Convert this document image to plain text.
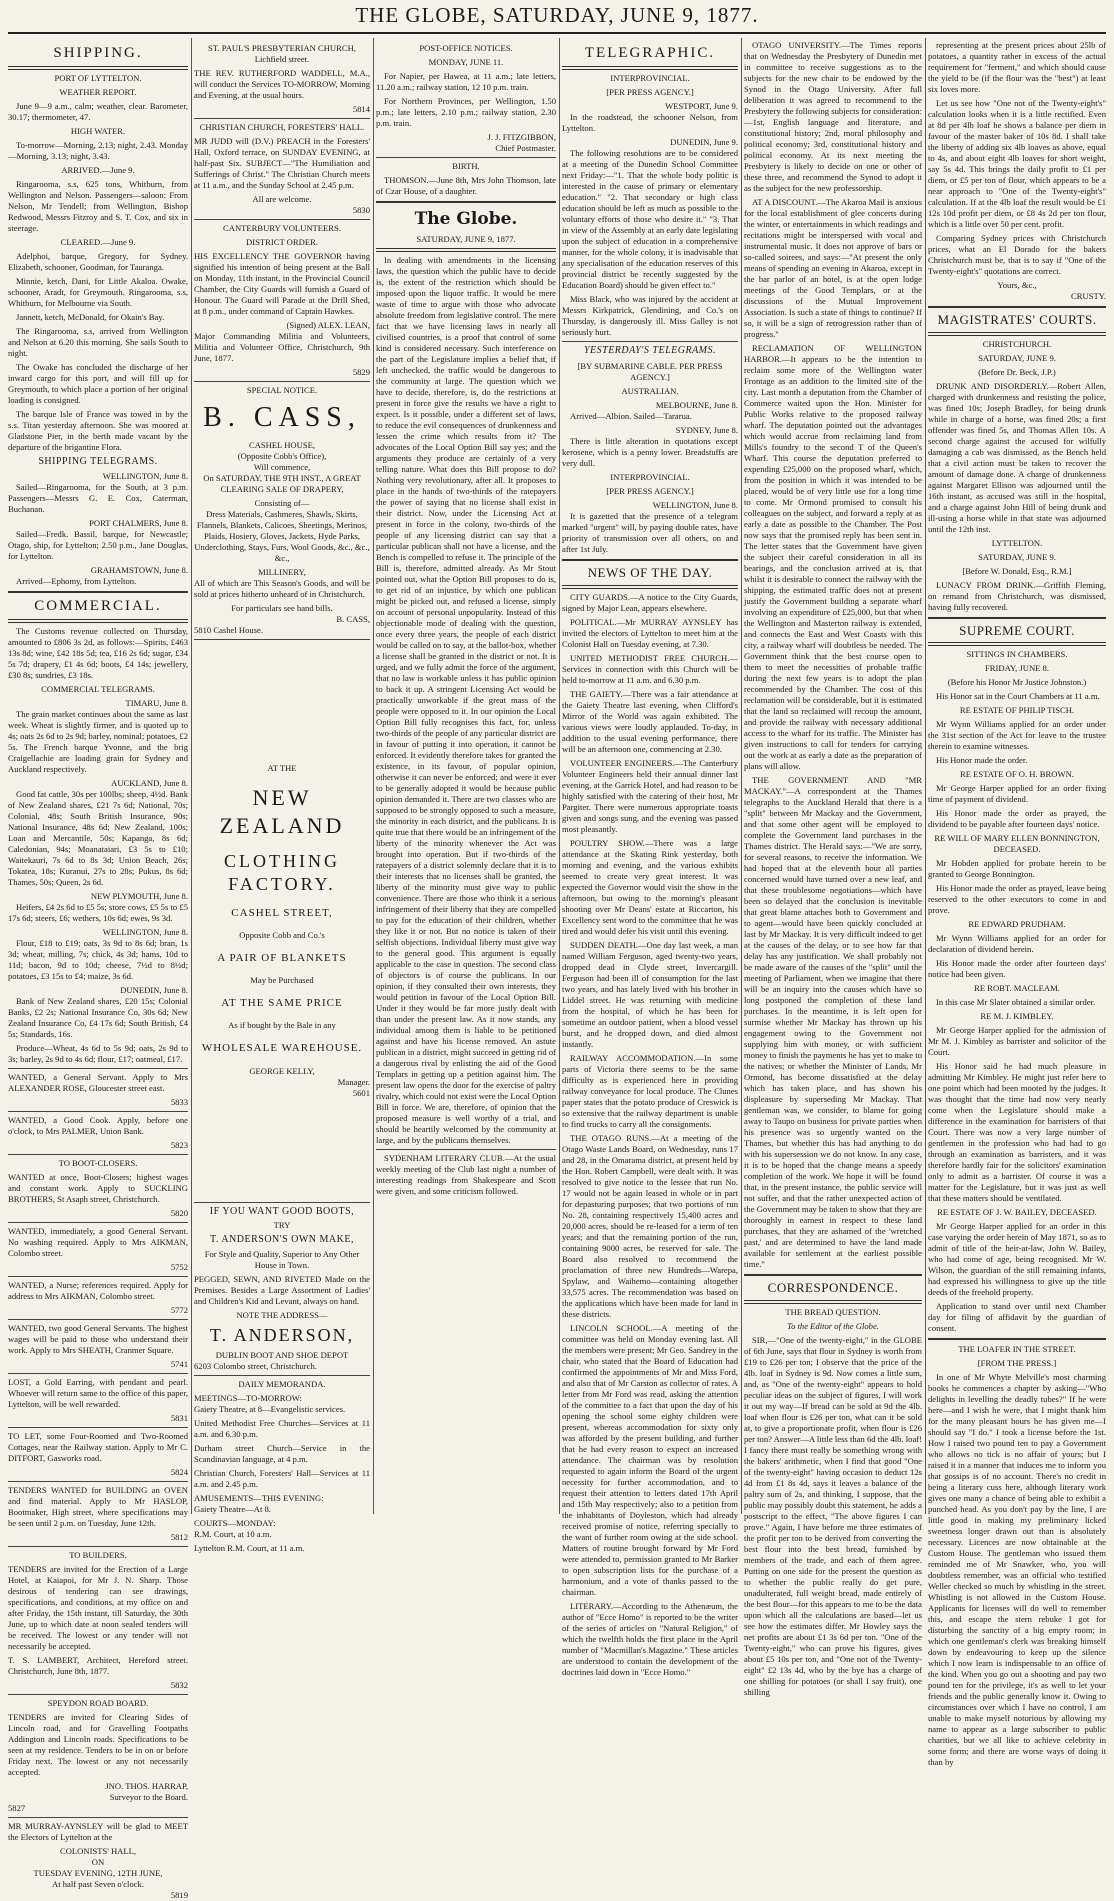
THE GLOBE, SATURDAY, JUNE 9, 1877.
SHIPPING.
PORT OF LYTTELTON.
WEATHER REPORT.

June 9—9 a.m., calm; weather, clear. Barometer, 30.17; thermometer, 47.

HIGH WATER.

To-morrow—Morning, 2.13; night, 2.43. Monday—Morning, 3.13; night, 3.43.

ARRIVED.—June 9.

Ringarooma, s.s, 625 tons, Whitburn, from Wellington and Nelson. Passengers—saloon: From Nelson, Mr Tendell; from Wellington, Bishop Redwood, Messrs Fitzroy and S. T. Cox, and six in steerage.

CLEARED.—June 9.

Adelphoi, barque, Gregory, for Sydney. Elizabeth, schooner, Goodman, for Tauranga.

Minnie, ketch, Dani, for Little Akaloa. Owake, schooner, Aradt, for Greymouth. Ringarooma, s.s, Whitburn, for Melbourne via South.

Jannett, ketch, McDonald, for Okain's Bay.

The Ringarooma, s.s, arrived from Wellington and Nelson at 6.20 this morning. She sails South to night.

The Owake has concluded the discharge of her inward cargo for this port, and will fill up for Greymouth, to which place a portion of her original loading is consigned.

The barque Isle of France was towed in by the s.s. Titan yesterday afternoon. She was moored at Gladstone Pier, in the berth made vacant by the departure of the brigantine Flora.

SHIPPING TELEGRAMS.
WELLINGTON, June 8.

Sailed—Ringarooma, for the South, at 3 p.m. Passengers—Messrs G. E. Cox, Caterman, Buchanan.

PORT CHALMERS, June 8.

Sailed—Fredk. Bassil, barque, for Newcastle; Otago, ship, for Lyttelton; 2.50 p.m., Jane Douglas, for Lyttelton.

GRAHAMSTOWN, June 8.

Arrived—Ephomy, from Lyttelton.

COMMERCIAL.

The Customs revenue collected on Thursday, amounted to £806 3s 2d, as follows:—Spirits, £463 13s 8d; wine, £42 18s 5d; tea, £16 2s 6d; sugar, £34 5s 7d; drapery, £1 4s 6d; boots, £4 14s; jewellery, £30 8s; sundries, £3 18s.

COMMERCIAL TELEGRAMS.
TIMARU, June 8.

The grain market continues about the same as last week. Wheat is slightly firmer, and is quoted up to 4s; oats 2s 6d to 2s 9d; barley, nominal; potatoes, £2 5s. The French barque Yvonne, and the brig Craigellachie are loading grain for Sydney and Auckland respectively.

AUCKLAND, June 8.

Good fat cattle, 30s per 100lbs; sheep, 4½d. Bank of New Zealand shares, £21 7s 6d; National, 70s; Colonial, 48s; South British Insurance, 90s; National Insurance, 48s 6d; New Zealand, 100s; Loan and Mercantile, 50s; Kapanga, 8s 6d; Caledonian, 94s; Moanataiari, £3 5s to £10; Waitekauri, 7s 6d to 8s 3d; Union Beach, 26s; Tokatea, 18s; Kuranui, 27s to 28s; Pukus, 8s 6d; Thames, 50s; Queen, 2s 6d.

NEW PLYMOUTH, June 8.

Heifers, £4 2s 6d to £5 5s; store cows, £5 5s to £5 17s 6d; steers, £6; wethers, 10s 6d; ewes, 9s 3d.

WELLINGTON, June 8.

Flour, £18 to £19; oats, 3s 9d to 8s 6d; bran, 1s 3d; wheat, milling, 7s; chick, 4s 3d; hams, 10d to 11d; bacon, 9d to 10d; cheese, 7½d to 8½d; potatoes, £3 15s to £4; maize, 3s 6d.

DUNEDIN, June 8.

Bank of New Zealand shares, £20 15s; Colonial Banks, £2 2s; National Insurance Co, 30s 6d; New Zealand Insurance Co, £4 17s 6d; South British, £4 5s; Standards, 16s.

Produce—Wheat, 4s 6d to 5s 9d; oats, 2s 9d to 3s; barley, 2s 9d to 4s 6d; flour, £17; oatmeal, £17.

WANTED, a General Servant. Apply to Mrs ALEXANDER ROSE, Gloucester street east.

5833

WANTED, a Good Cook. Apply, before one o'clock, to Mrs PALMER, Union Bank.

5823
TO BOOT-CLOSERS.

WANTED at once, Boot-Closers; highest wages and constant work. Apply to SUCKLING BROTHERS, St Asaph street, Christchurch.

5820

WANTED, immediately, a good General Servant. No washing required. Apply to Mrs AIKMAN, Colombo street.

5752

WANTED, a Nurse; references required. Apply for address to Mrs AIKMAN, Colombo street.

5772

WANTED, two good General Servants. The highest wages will be paid to those who understand their work. Apply to Mrs SHEATH, Cranmer Square.

5741

LOST, a Gold Earring, with pendant and pearl. Whoever will return same to the office of this paper, Lyttelton, will be well rewarded.

5831

TO LET, some Four-Roomed and Two-Roomed Cottages, near the Railway station. Apply to Mr C. DITFORT, Gasworks road.

5824

TENDERS WANTED for BUILDING an OVEN and find material. Apply to Mr HASLOP, Bootmaker, High street, where specifications may be seen until 2 p.m. on Tuesday, June 12th.

5812
TO BUILDERS.

TENDERS are invited for the Erection of a Large Hotel, at Kaiapoi, for Mr J. N. Sharp. Those desirous of tendering can see drawings, specifications, and conditions, at my office on and after Friday, the 15th instant, till Saturday, the 30th June, up to which date at noon sealed tenders will be received. The lowest or any tender will not necessarily be accepted.

T. S. LAMBERT, Architect, Hereford street. Christchurch, June 8th, 1877.

5832
SPEYDON ROAD BOARD.

TENDERS are invited for Clearing Sides of Lincoln road, and for Gravelling Footpaths Addington and Lincoln roads. Specifications to be seen at my residence. Tenders to be in on or before Friday next. The lowest or any not necessarily accepted.

JNO. THOS. HARRAP,
Surveyor to the Board.
5827

MR MURRAY-AYNSLEY will be glad to MEET the Electors of Lyttelton at the

COLONISTS' HALL,
ON
TUESDAY EVENING, 12TH JUNE,
At half past Seven o'clock.
5819
ST. PAUL'S PRESBYTERIAN CHURCH, Lichfield street.

THE REV. RUTHERFORD WADDELL, M.A., will conduct the Services TO-MORROW, Morning and Evening, at the usual hours.

5814
CHRISTIAN CHURCH, FORESTERS' HALL.

MR JUDD will (D.V.) PREACH in the Foresters' Hall, Oxford terrace, on SUNDAY EVENING, at half-past Six. SUBJECT—"The Humiliation and Sufferings of Christ." The Christian Church meets at 11 a.m., and the Sunday School at 2.45 p.m.

All are welcome.
5830
CANTERBURY VOLUNTEERS.
DISTRICT ORDER.

HIS EXCELLENCY THE GOVERNOR having signified his intention of being present at the Ball on Monday, 11th instant, in the Provincial Council Chamber, the City Guards will furnish a Guard of Honour. The Guard will Parade at the Drill Shed, at 8 p.m., under command of Captain Hawkes.

(Signed) ALEX. LEAN,

Major Commanding Militia and Volunteers, Militia and Volunteer Office, Christchurch, 9th June, 1877.

5829
SPECIAL NOTICE.
B. CASS,
CASHEL HOUSE,
(Opposite Cobb's Office),
Will commence,

On SATURDAY, THE 9TH INST., A GREAT CLEARING SALE OF DRAPERY,

Consisting of—

Dress Materials, Cashmeres, Shawls, Skirts, Flannels, Blankets, Calicoes, Sheetings, Merinos, Plaids, Hosiery, Gloves, Jackets, Hyde Parks, Underclothing, Stays, Furs, Wool Goods, &c., &c., &c.,

MILLINERY,

All of which are This Season's Goods, and will be sold at prices hitherto unheard of in Christchurch.

For particulars see hand bills.
B. CASS,
5810 Cashel House.
AT THE
NEW ZEALAND
CLOTHING FACTORY.
CASHEL STREET,
Opposite Cobb and Co.'s
A PAIR OF BLANKETS
May be Purchased
AT THE SAME PRICE
As if bought by the Bale in any
WHOLESALE WAREHOUSE.
GEORGE KELLY,
Manager.
5601
IF YOU WANT GOOD BOOTS,
TRY
T. ANDERSON'S OWN MAKE,

For Style and Quality, Superior to Any Other House in Town.

PEGGED, SEWN, AND RIVETED Made on the Premises. Besides a Large Assortment of Ladies' and Children's Kid and Levant, always on hand.

NOTE THE ADDRESS—
T. ANDERSON,
DUBLIN BOOT AND SHOE DEPOT
6203 Colombo street, Christchurch.
DAILY MEMORANDA.
MEETINGS—TO-MORROW:

Gaiety Theatre, at 8—Evangelistic services.

United Methodist Free Churches—Services at 11 a.m. and 6.30 p.m.

Durham street Church—Service in the Scandinavian language, at 4 p.m.

Christian Church, Foresters' Hall—Services at 11 a.m. and 2.45 p.m.

AMUSEMENTS—THIS EVENING:

Gaiety Theatre—At 8.

COURTS—MONDAY:

R.M. Court, at 10 a.m.

Lyttelton R.M. Court, at 11 a.m.

POST-OFFICE NOTICES.
MONDAY, JUNE 11.

For Napier, per Hawea, at 11 a.m.; late letters, 11.20 a.m.; railway station, 12 10 p.m. train.

For Northern Provinces, per Wellington, 1.50 p.m.; late letters, 2.10 p.m.; railway station, 2.30 p.m. train.

J. J. FITZGIBBON,
Chief Postmaster.
BIRTH.

THOMSON.—June 8th, Mrs John Thomson, late of Czar House, of a daughter.

The Globe.
SATURDAY, JUNE 9, 1877.

In dealing with amendments in the licensing laws, the question which the public have to decide is, the extent of the restriction which should be imposed upon the liquor traffic. It would be mere waste of time to argue with those who advocate absolute freedom from legislative control. The mere fact that we have licensing laws in nearly all civilised countries, is a proof that control of some kind is considered necessary. Such interference on the part of the Legislature implies a belief that, if left unchecked, the traffic would be dangerous to the community at large. The question which we have to decide, therefore, is, do the restrictions at present in force give the results we have a right to expect. Is it possible, under a different set of laws, to reduce the evil consequences of drunkenness and lessen the crime which results from it? The advocates of the Local Option Bill say yes; and the arguments they produce are certainly of a very telling nature. What does this Bill propose to do? Nothing very revolutionary, after all. It proposes to place in the hands of two-thirds of the ratepayers the power of saying that no license shall exist in their district. Now, under the Licensing Act at present in force in the colony, two-thirds of the people of any licensing district can say that a particular publican shall not have a license, and the Bench is compelled to refuse it. The principle of the Bill is, therefore, admitted already. As Mr Stout pointed out, what the Option Bill proposes to do is, to get rid of an injustice, by which one publican might be picked out, and refused a license, simply on account of personal unpopularity. Instead of this objectionable mode of dealing with the question, once every three years, the people of each district would be called on to say, at the ballot-box, whether a license shall be granted in the district or not. It is urged, and we fully admit the force of the argument, that no law is workable unless it has public opinion to back it up. A stringent Licensing Act would be practically unworkable if the great mass of the people were opposed to it. In our opinion the Local Option Bill fully recognises this fact, for, unless two-thirds of the people of any particular district are in favour of putting it into operation, it cannot be enforced. It evidently therefore takes for granted the existence, in its favour, of popular opinion, otherwise it can never be enforced; and were it ever to be generally adopted it would be because public opinion demanded it. There are two classes who are supposed to be strongly opposed to such a measure, the minority in each district, and the publicans. It is quite true that there would be an infringement of the liberty of the minority whenever the Act was brought into operation. But if two-thirds of the ratepayers of a district solemnly declare that it is to their interests that no licenses shall be granted, the liberty of the minority must give way to public convenience. There are those who think it a serious infringement of their liberty that they are compelled to pay for the education of their children, whether they like it or not. But no notice is taken of their selfish objections. Individual liberty must give way to the general good. This argument is equally applicable to the case in question. The second class of objectors is of course the publicans. In our opinion, if they consulted their own interests, they would petition in favour of the Local Option Bill. Under it they would be far more justly dealt with than under the present law. As it now stands, any individual among them is liable to be petitioned against and have his license removed. An astute publican in a district, might succeed in getting rid of a dangerous rival by enlisting the aid of the Good Templars in getting up a petition against him. The present law opens the door for the exercise of paltry rivalry, which could not exist were the Local Option Bill in force. We are, therefore, of opinion that the proposed measure is well worthy of a trial, and should be heartily welcomed by the community at large, and by the publicans themselves.

SYDENHAM LITERARY CLUB.—At the usual weekly meeting of the Club last night a number of interesting readings from Shakespeare and Scott were given, and some criticism followed.

TELEGRAPHIC.
INTERPROVINCIAL.
[PER PRESS AGENCY.]
WESTPORT, June 9.

In the roadstead, the schooner Nelson, from Lyttelton.

DUNEDIN, June 9.

The following resolutions are to be considered at a meeting of the Dunedin School Committee next Friday:—"1. That the whole body politic is interested in the cause of primary or elementary education." "2. That secondary or high class education should be left as much as possible to the voluntary efforts of those who desire it." "3. That in view of the Assembly at an early date legislating upon the subject of education in a comprehensive manner, for the whole colony, it is inadvisable that any specialisation of the education reserves of this provincial district be recently suggested by the Education Board) should be given effect to."

Miss Black, who was injured by the accident at Messrs Kirkpatrick, Glendining, and Co.'s on Thursday, is dangerously ill. Miss Galley is not seriously hurt.

YESTERDAY'S TELEGRAMS.
[BY SUBMARINE CABLE. PER PRESS AGENCY.]
AUSTRALIAN.
MELBOURNE, June 8.

Arrived—Albion. Sailed—Tararua.

SYDNEY, June 8.

There is little alteration in quotations except kerosene, which is a penny lower. Breadstuffs are very dull.

INTERPROVINCIAL.
[PER PRESS AGENCY.]
WELLINGTON, June 8.

It is gazetted that the presence of a telegram marked "urgent" will, by paying double rates, have priority of transmission over all others, on and after 1st July.

NEWS OF THE DAY.

CITY GUARDS.—A notice to the City Guards, signed by Major Lean, appears elsewhere.

POLITICAL.—Mr MURRAY AYNSLEY has invited the electors of Lyttelton to meet him at the Colonist Hall on Tuesday evening, at 7.30.

UNITED METHODIST FREE CHURCH.—Services in connection with this Church will be held to-morrow at 11 a.m. and 6.30 p.m.

THE GAIETY.—There was a fair attendance at the Gaiety Theatre last evening, when Clifford's Mirror of the World was again exhibited. The various views were loudly applauded. To-day, in addition to the usual evening performance, there will be an afternoon one, commencing at 2.30.

VOLUNTEER ENGINEERS.—The Canterbury Volunteer Engineers held their annual dinner last evening, at the Garrick Hotel, and had reason to be highly satisfied with the catering of their host, Mr Pargiter. There were numerous appropriate toasts given and songs sung, and the evening was passed most pleasantly.

POULTRY SHOW.—There was a large attendance at the Skating Rink yesterday, both morning and evening, and the various exhibits seemed to create very great interest. It was expected the Governor would visit the show in the afternoon, but owing to the morning's pleasant shooting over Mr Deans' estate at Riccarton, his Excellency sent word to the committee that he was tired and would defer his visit until this evening.

SUDDEN DEATH.—One day last week, a man named William Ferguson, aged twenty-two years, dropped dead in Clyde street, Invercargill. Ferguson had been ill of consumption for the last two years, and has lately lived with his brother in Liddel street. He was returning with medicine from the hospital, of which he has been for sometime an outdoor patient, when a blood vessel burst, and he dropped down, and died almost instantly.

RAILWAY ACCOMMODATION.—In some parts of Victoria there seems to be the same difficulty as is experienced here in providing railway conveyance for local produce. The Clunes paper states that the potato produce of Creswick is so extensive that the railway department is unable to find trucks to carry all the consignments.

THE OTAGO RUNS.—At a meeting of the Otago Waste Lands Board, on Wednesday, runs 17 and 28, in the Omarama district, at present held by the Hon. Robert Campbell, were dealt with. It was resolved to give notice to the lessee that run No. 17 would not be again leased in whole or in part for depasturing purposes; that two portions of run No. 28, containing respectively 15,400 acres and 20,000 acres, should be re-leased for a term of ten years; and that the remaining portion of the run, containing 9000 acres, be reserved for sale. The Board also resolved to recommend the proclamation of three new Hundreds—Warepa, Spylaw, and Waihemo—containing altogether 33,575 acres. The recommendation was based on the applications which have been made for land in these districts.

LINCOLN SCHOOL.—A meeting of the committee was held on Monday evening last. All the members were present; Mr Geo. Sandrey in the chair, who stated that the Board of Education had confirmed the appointments of Mr and Miss Ford, and also that of Mr Carston as collector of rates. A letter from Mr Ford was read, asking the attention of the committee to a fact that upon the day of his opening the school some eighty children were present, whereas accommodation for sixty only was afforded by the present building, and further that he had every reason to expect an increased attendance. The chairman was by resolution requested to again inform the Board of the urgent necessity for further accommodation, and to request their attention to letters dated 17th April and 15th May respectively; also to a petition from the inhabitants of Doyleston, which had already received promise of notice, referring specially to the want of further room owing at the side school. Matters of routine brought forward by Mr Ford were attended to, permission granted to Mr Barker to open subscription lists for the purchase of a harmonium, and a vote of thanks passed to the chairman.

LITERARY.—According to the Athenæum, the author of "Ecce Homo" is reported to be the writer of the series of articles on "Natural Religion," of which the twelfth holds the first place in the April number of "Macmillan's Magazine." These articles are understood to contain the development of the doctrines laid down in "Ecce Homo."

OTAGO UNIVERSITY.—The Times reports that on Wednesday the Presbytery of Dunedin met in committee to receive suggestions as to the subjects for the new chair to be endowed by the Synod in the Otago University. After full deliberation it was agreed to recommend to the Presbytery the following subjects for consideration:—1st, English language and literature, and constitutional history; 2nd, moral philosophy and political economy; 3rd, constitutional history and political economy. At its next meeting the Presbytery is likely to decide on one or other of these three, and recommend the Synod to adopt it as the subject for the new professorship.

AT A DISCOUNT.—The Akaroa Mail is anxious for the local establishment of glee concerts during the winter, or entertainments in which readings and recitations might be interspersed with vocal and instrumental music. It does not approve of bars or so-called soirees, and says:—"At present the only means of spending an evening in Akaroa, except in the bar parlor of an hotel, is at the open lodge meetings of the Good Templars, or at the discussions of the Mutual Improvement Association. Is such a state of things to continue? If so, it will be a sign of retrogression rather than of progress."

RECLAMATION OF WELLINGTON HARBOR.—It appears to be the intention to reclaim some more of the Wellington water Frontage as an addition to the limited site of the city. Last month a deputation from the Chamber of Commerce waited upon the Hon. Minister for Public Works relative to the proposed railway wharf. The deputation pointed out the advantages which would accrue from reclaiming land from Mills's foundry to the second T of the Queen's Wharf. This course the deputation preferred to expending £25,000 on the proposed wharf, which, from the position in which it was intended to be placed, would be of very little use for a long time to come. Mr Ormond promised to consult his colleagues on the subject, and forward a reply at as early a date as possible to the Chamber. The Post now says that the promised reply has been sent in. The letter states that the Government have given the subject their careful consideration in all its bearings, and the conclusion arrived at is, that whilst it is desirable to connect the railway with the shipping, the estimated traffic does not at present justify the Government building a separate wharf involving an expenditure of £25,000, but that when the Wellington and Masterton railway is extended, and connects the East and West Coasts with this city, a railway wharf will doubtless be needed. The Government think that the best course open to them to meet the necessities of probable traffic during the next few years is to adopt the plan recommended by the Chamber. The cost of this reclamation will be considerable, but it is estimated that the land so reclaimed will recoup the amount, and provide the railway with necessary additional access to the wharf for its traffic. The Minister has given instructions to call for tenders for carrying out the work at as early a date as the preparation of plans will allow.

THE GOVERNMENT AND "MR MACKAY."—A correspondent at the Thames telegraphs to the Auckland Herald that there is a "split" between Mr Mackay and the Government, and that some other agent will be employed to complete the Government land purchases in the Thames district. The Herald says:—"We are sorry, for several reasons, to receive the information. We had hoped that at the eleventh hour all parties concerned would have turned over a new leaf, and that these troublesome negotiations—which have been so delayed that the conclusion is inevitable that great blame attaches both to Government and to agent—would have been quickly concluded at last by Mr Mackay. It is very difficult indeed to get at the causes of the delay, or to see how far that delay has any justification. We shall probably not be made aware of the causes of the "split" until the meeting of Parliament, when we imagine that there will be an inquiry into the causes which have so long postponed the completion of these land purchases. In the meantime, it is left open for surmise whether Mr Mackay has thrown up his engagement owing to the Government not supplying him with money, or with sufficient money to finish the payments he has yet to make to the natives; or whether the Minister of Lands, Mr Ormond, has become dissatisfied at the delay which has taken place, and has shown his displeasure by superseding Mr Mackay. That gentleman was, we consider, to blame for going away to Taupo on business for private parties when his presence was so urgently wanted on the Thames, but whether this has had anything to do with his supersession we do not know. In any case, it is to be hoped that the change means a speedy completion of the work. We hope it will be found that, in the present instance, the public service will not suffer, and that the rather unexpected action of the Government may be taken to show that they are thoroughly in earnest in respect to these land purchases, that they are ashamed of the 'wretched past,' and are determined to have the land made available for settlement at the earliest possible time."

CORRESPONDENCE.
THE BREAD QUESTION.
To the Editor of the Globe.

SIR,—"One of the twenty-eight," in the GLOBE of 6th June, says that flour in Sydney is worth from £19 to £26 per ton; I observe that the price of the 4lb. loaf in Sydney is 9d. Now comes a little sum, and, as "One of the twenty-eight" appears to hold peculiar ideas on the subject of figures, I will work it out my way—If bread can be sold at 9d the 4lb. loaf when flour is £26 per ton, what can it be sold at, to give a proportionate profit, when flour is £26 per ton? Answer—A little less than 6d the 4lb. loaf! I fancy there must really be something wrong with the bakers' arithmetic, when I find that good "One of the twenty-eight" having occasion to deduct 12s 4d from £1 8s 4d, says it leaves a balance of the paltry sum of 2s, and thinking, I suppose, that the public may possibly doubt this statement, he adds a postscript to the effect, "The above figures I can prove." Again, I have before me three estimates of the profit per ton to be derived from converting the best flour into the best bread, furnished by members of the trade, and each of them agree. Putting on one side for the present the question as to whether the public really do get pure, unadulterated, full weight bread, made entirely of the best flour—for this appears to me to be the data upon which all the calculations are based—let us see how the estimates differ. Mr Howley says the net profits are about £1 3s 6d per ton. "One of the Twenty-eight," who can prove his figures, gives about £5 10s per ton, and "One not of the Twenty-eight" £2 13s 4d, who by the bye has a charge of one shilling for potatoes (or shall I say fruit), one shilling

representing at the present prices about 25lb of potatoes, a quantity rather in excess of the actual requirement for "ferment," and which should cause the yield to be (if the flour was the "best") at least six loves more.

Let us see how "One not of the Twenty-eight's" calculation looks when it is a little rectified. Even at 8d per 4lb loaf he shows a balance per diem in favour of the master baker of 10s 8d. I shall take the liberty of adding six 4lb loaves as above, equal to 4s, and about eight 4lb loaves for short weight, say 5s 4d. This brings the daily profit to £1 per diem, or £5 per ton of flour, which appears to be a near approach to "One of the Twenty-eight's" calculation. If at the 4lb loaf the result would be £1 12s 10d profit per diem, or £8 4s 2d per ton flour, which is a little over 50 per cent. profit.

Comparing Sydney prices with Christchurch prices, what an El Dorado for the bakers Christchurch must be, that is to say if "One of the Twenty-eight's" quotations are correct.

Yours, &c.,
CRUSTY.
MAGISTRATES' COURTS.
CHRISTCHURCH.
SATURDAY, JUNE 9.
(Before Dr. Beck, J.P.)

DRUNK AND DISORDERLY.—Robert Allen, charged with drunkenness and resisting the police, was fined 10s; Joseph Bradley, for being drunk while in charge of a horse, was fined 20s; a first offender was fined 5s, and Thomas Allen 10s. A second charge against the accused for wilfully damaging a cab was dismissed, as the Bench held that a civil action must be taken to recover the amount of damage done. A charge of drunkenness against Margaret Ellison was adjourned until the 16th instant, as accused was still in the hospital, and a charge against John Hill of being drunk and ill-using a horse while in that state was adjourned until the 12th inst.

LYTTELTON.
SATURDAY, JUNE 9.
[Before W. Donald, Esq., R.M.]

LUNACY FROM DRINK.—Griffith Fleming, on remand from Christchurch, was dismissed, having fully recovered.

SUPREME COURT.
SITTINGS IN CHAMBERS.
FRIDAY, JUNE 8.
(Before his Honor Mr Justice Johnston.)

His Honor sat in the Court Chambers at 11 a.m.

RE ESTATE OF PHILIP TISCH.

Mr Wynn Williams applied for an order under the 31st section of the Act for leave to the trustee therein to examine witnesses.

His Honor made the order.

RE ESTATE OF O. H. BROWN.

Mr George Harper applied for an order fixing time of payment of dividend.

His Honor made the order as prayed, the dividend to be payable after fourteen days' notice.

RE WILL OF MARY ELLEN BONNINGTON, DECEASED.

Mr Hobden applied for probate herein to be granted to George Bonnington.

His Honor made the order as prayed, leave being reserved to the other executors to come in and prove.

RE EDWARD PRUDHAM.

Mr Wynn Williams applied for an order for declaration of dividend herein.

His Honor made the order after fourteen days' notice had been given.

RE ROBT. MACLEAM.

In this case Mr Slater obtained a similar order.

RE M. J. KIMBLEY.

Mr George Harper applied for the admission of Mr M. J. Kimbley as barrister and solicitor of the Court.

His Honor said he had much pleasure in admitting Mr Kimbley. He might just refer here to one point which had been mooted by the judges. It was thought that the time had now very nearly come when the Legislature should make a difference in the examination for barristers of that Court. There was now a very large number of gentlemen in the profession who had had to go through an examination as barristers, and it was therefore hardly fair for the solicitors' examination only to admit as a barrister. Of course it was a matter for the Legislature, but it was just as well that these matters should be ventilated.

RE ESTATE OF J. W. BAILEY, DECEASED.

Mr George Harper applied for an order in this case varying the order herein of May 1871, so as to admit of title of the heir-at-law, John W. Bailey, who had come of age, being recognised. Mr W. Wilson, the guardian of the still remaining infants, had expressed his willingness to give up the title deeds of the freehold property.

Application to stand over until next Chamber day for filing of affidavit by the guardian of consent.

THE LOAFER IN THE STREET.
[FROM THE PRESS.]

In one of Mr Whyte Melville's most charming books he commences a chapter by asking—"Who delights in levelling the deadly tubes?" If he were here—and I wish he were, that I might thank him for the many pleasant hours he has given me—I should say "I do." I took a license before the 1st. How I raised two pound ten to pay a Government who allows no tick is no affair of yours; but I raised it in a manner that induces me to inform you that gossips is of no account. There's no credit in being a literary cuss here, although literary work gives one many a chance of being able to exhibit a punched head. As you don't pay by the line, I are little good in making my preliminary licked sweetness longer drawn out than is absolutely necessary. Licences are now obtainable at the Custom House. The gentleman who issued them reminded me of Mr Snawker, who, you will doubtless remember, was an official who testified Weller checked so much by whistling in the street. Whistling is not allowed in the Custom House. Applicants for licenses will do well to remember this, and escape the stern rebuke I got for disturbing the sanctity of a big empty room; in which one gentleman's clerk was breaking himself down by endeavouring to keep up the silence which I now learn is indispensable to an office of the kind. When you go out a shooting and pay two pound ten for the privilege, it's as well to let your friends and the public generally know it. Owing to circumstances over which I have no control, I am unable to make myself notorious by allowing my name to appear as a large subscriber to public charities, but we all like to achieve celebrity in some form; and there are worse ways of doing it than by
